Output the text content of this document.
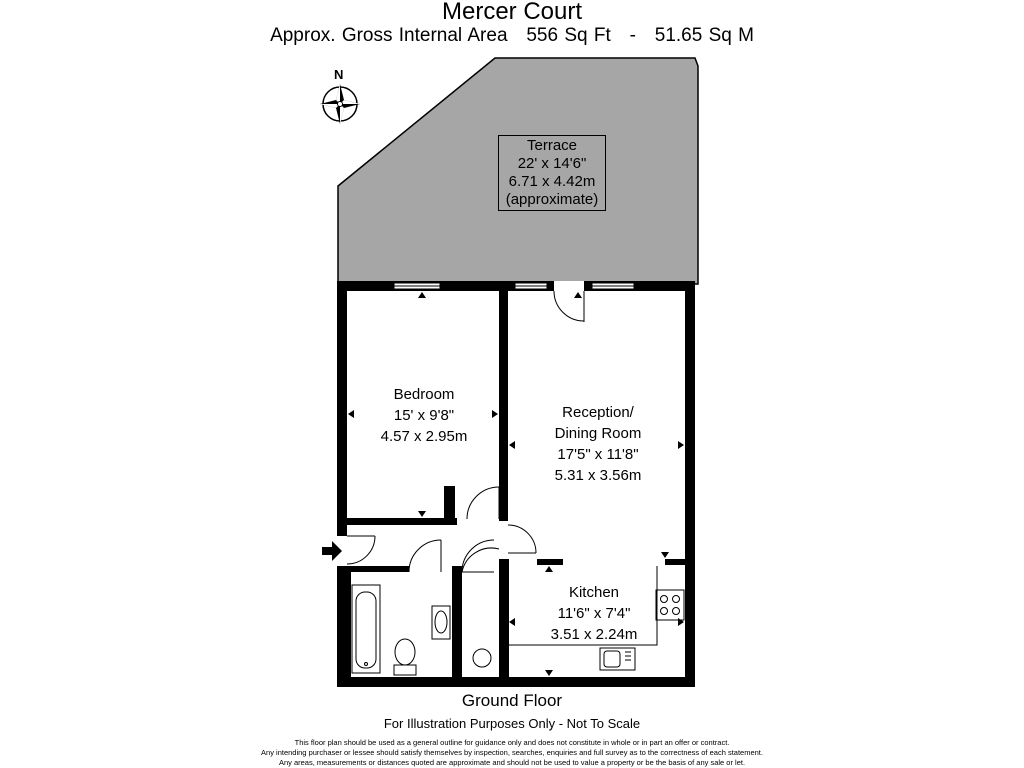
Mercer Court
Approx. Gross Internal Area 556 Sq Ft - 51.65 Sq M
N
Terrace
22' x 14'6"
6.71 x 4.42m
(approximate)
Bedroom
15' x 9'8"
4.57 x 2.95m
Reception/
Dining Room
17'5" x 11'8"
5.31 x 3.56m
Kitchen
11'6" x 7'4"
3.51 x 2.24m
Ground Floor
For Illustration Purposes Only - Not To Scale
This floor plan should be used as a general outline for guidance only and does not constitute in whole or in part an offer or contract.
Any intending purchaser or lessee should satisfy themselves by inspection, searches, enquiries and full survey as to the correctness of each statement.
Any areas, measurements or distances quoted are approximate and should not be used to value a property or be the basis of any sale or let.
